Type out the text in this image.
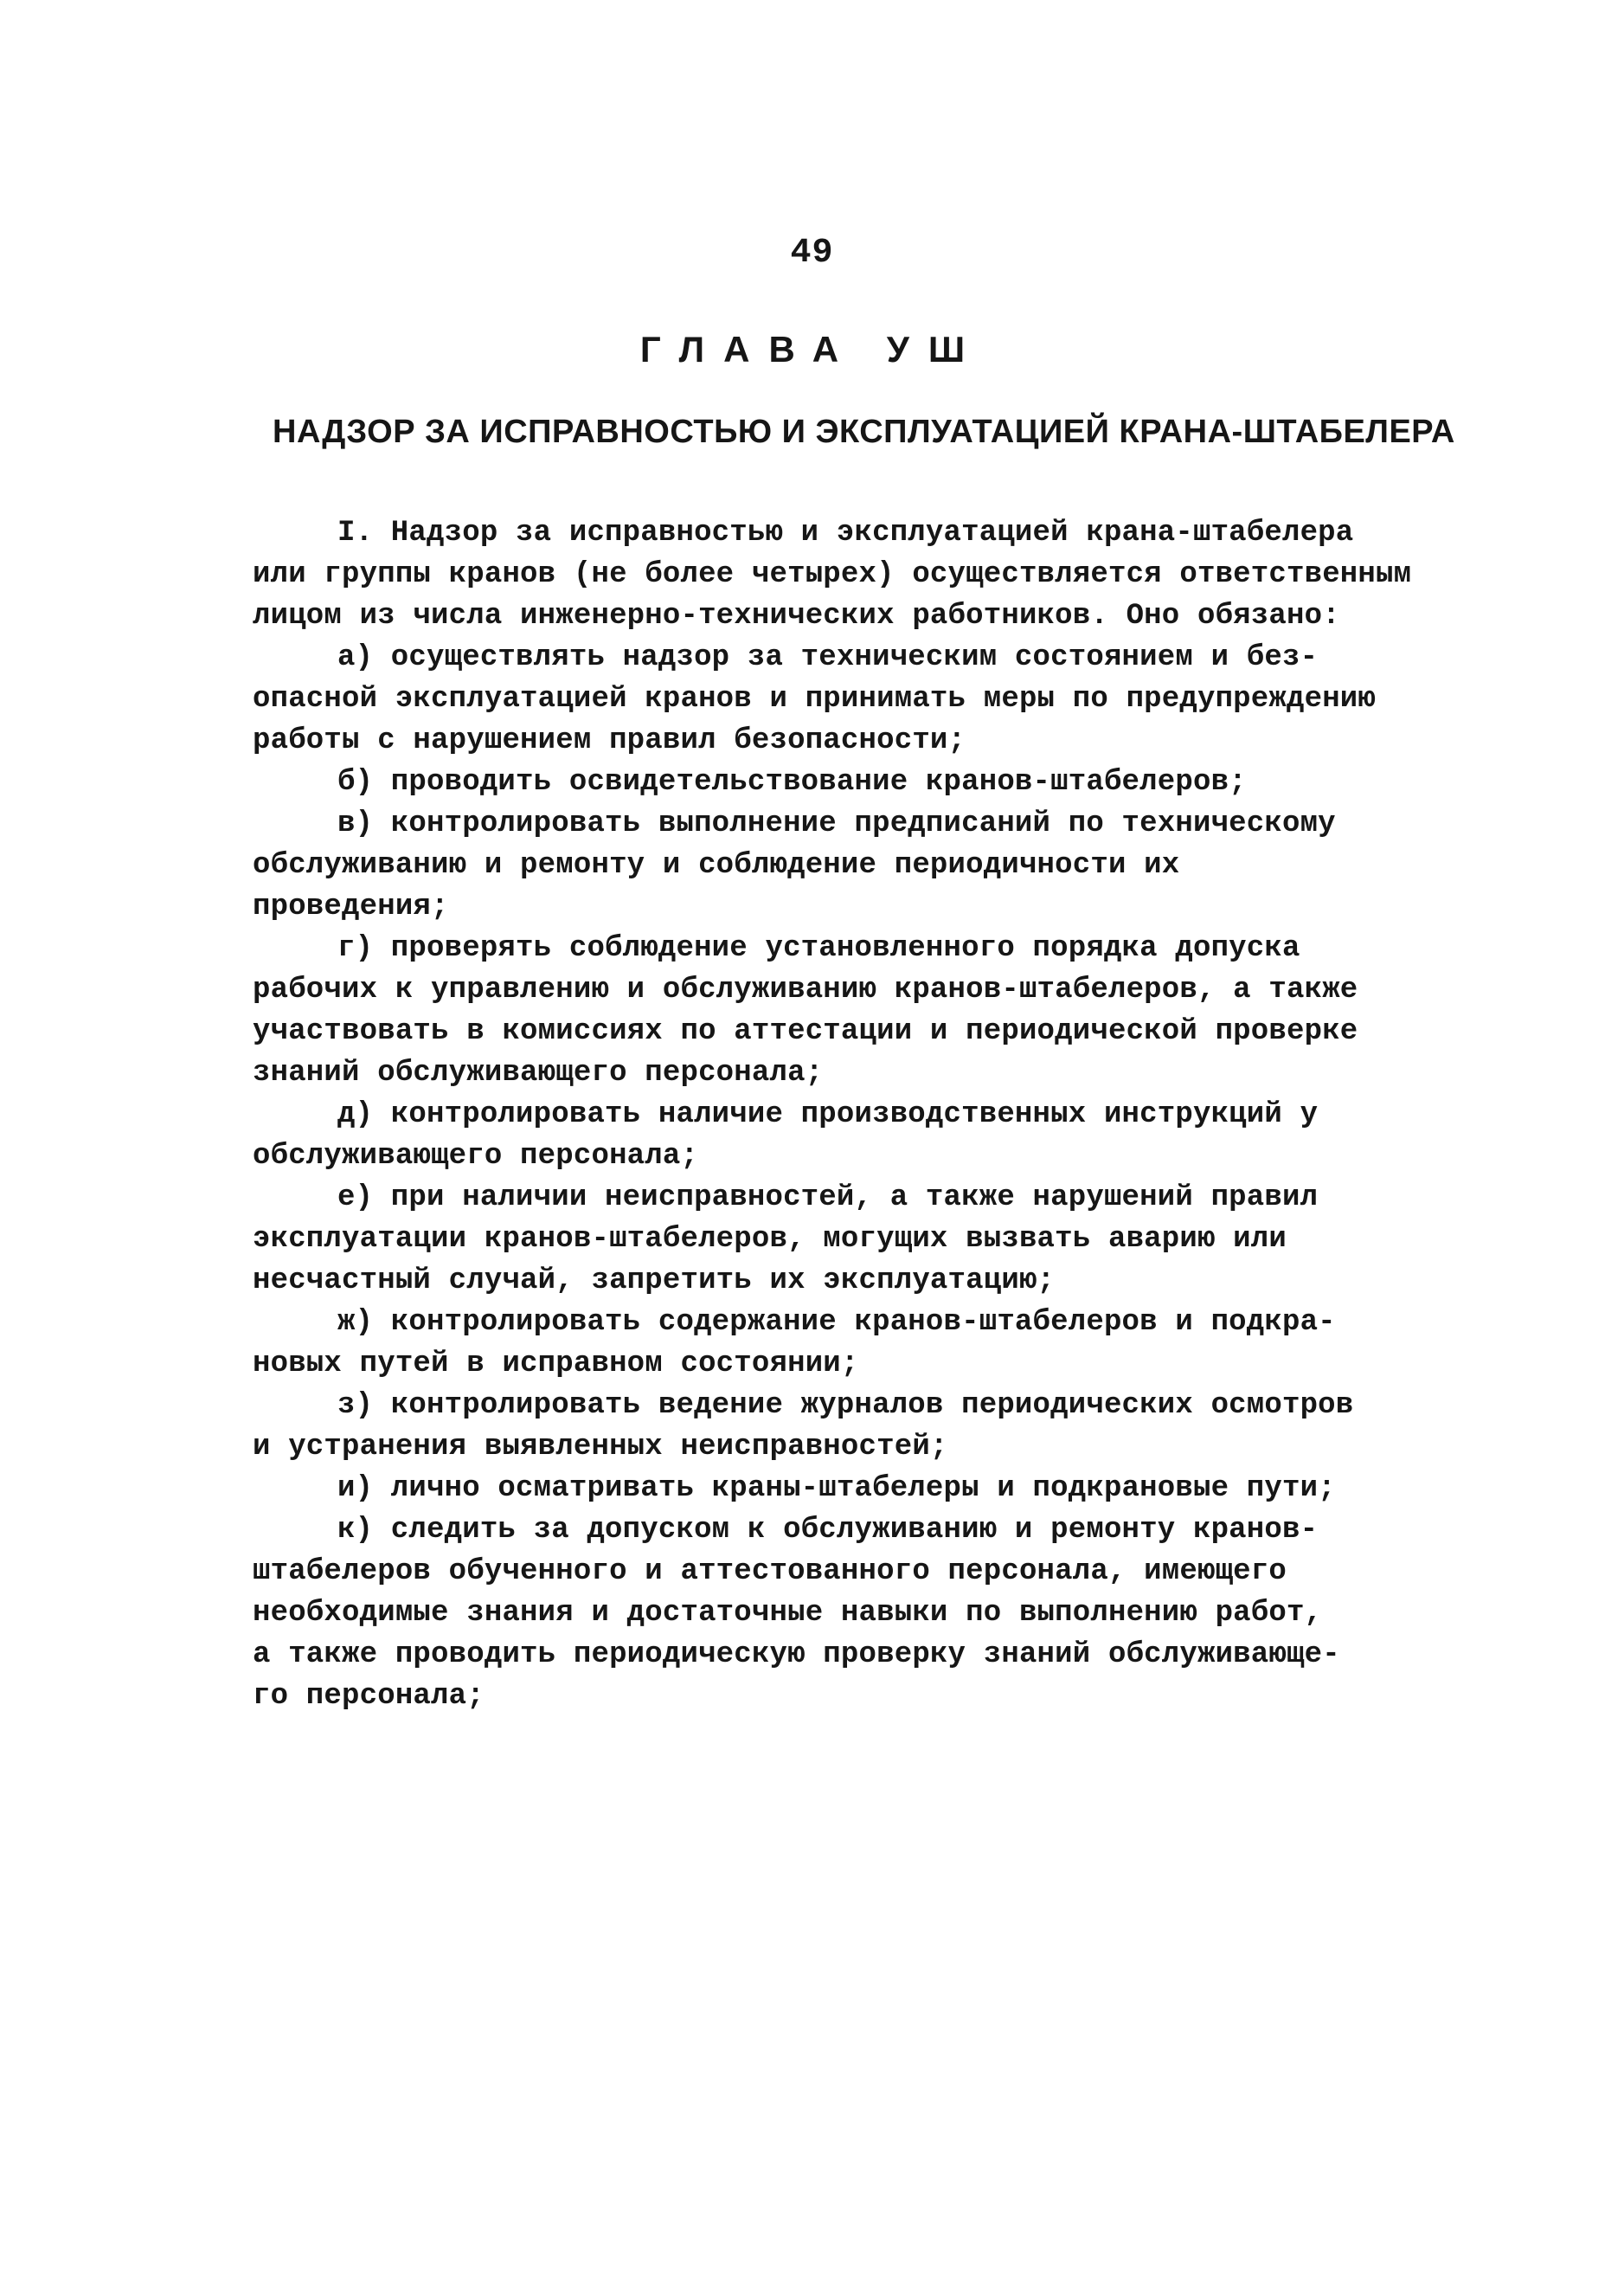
49
ГЛАВА УШ
НАДЗОР ЗА ИСПРАВНОСТЬЮ И ЭКСПЛУАТАЦИЕЙ КРАНА-ШТАБЕЛЕРА
I. Надзор за исправностью и эксплуатацией крана-штабелера
или группы кранов (не более четырех) осуществляется ответственным
лицом из числа инженерно-технических работников. Оно обязано:
а) осуществлять надзор за техническим состоянием и без-
опасной эксплуатацией кранов и принимать меры по предупреждению
работы с нарушением правил безопасности;
б) проводить освидетельствование кранов-штабелеров;
в) контролировать выполнение предписаний по техническому
обслуживанию и ремонту и соблюдение периодичности их
проведения;
г) проверять соблюдение установленного порядка допуска
рабочих к управлению и обслуживанию кранов-штабелеров, а также
участвовать в комиссиях по аттестации и периодической проверке
знаний обслуживающего персонала;
д) контролировать наличие производственных инструкций у
обслуживающего персонала;
е) при наличии неисправностей, а также нарушений правил
эксплуатации кранов-штабелеров, могущих вызвать аварию или
несчастный случай, запретить их эксплуатацию;
ж) контролировать содержание кранов-штабелеров и подкра-
новых путей в исправном состоянии;
з) контролировать ведение журналов периодических осмотров
и устранения выявленных неисправностей;
и) лично осматривать краны-штабелеры и подкрановые пути;
к) следить за допуском к обслуживанию и ремонту кранов-
штабелеров обученного и аттестованного персонала, имеющего
необходимые знания и достаточные навыки по выполнению работ,
а также проводить периодическую проверку знаний обслуживающе-
го персонала;
